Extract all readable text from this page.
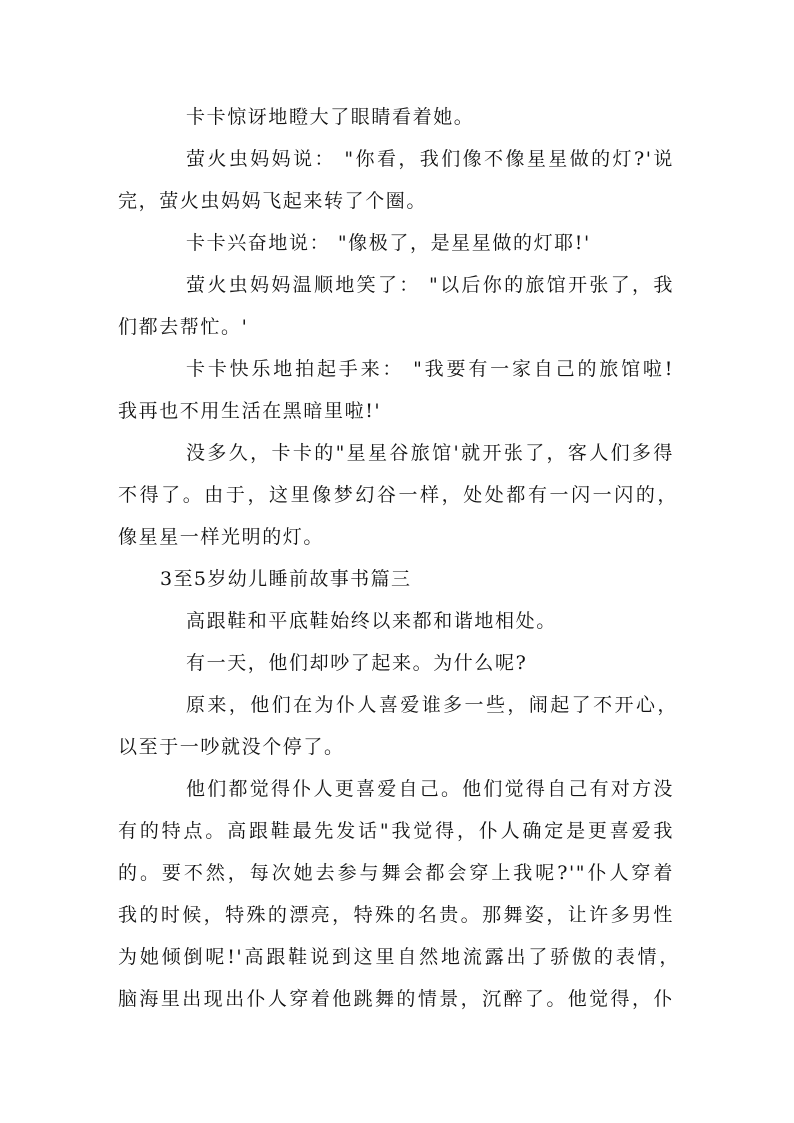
卡卡惊讶地瞪大了眼睛看着她。
萤火虫妈妈说： "你看，我们像不像星星做的灯?'说
完，萤火虫妈妈飞起来转了个圈。
卡卡兴奋地说： "像极了，是星星做的灯耶!'
萤火虫妈妈温顺地笑了： "以后你的旅馆开张了，我
们都去帮忙。'
卡卡快乐地拍起手来： "我要有一家自己的旅馆啦!
我再也不用生活在黑暗里啦!'
没多久，卡卡的"星星谷旅馆'就开张了，客人们多得
不得了。由于，这里像梦幻谷一样，处处都有一闪一闪的，
像星星一样光明的灯。
3至5岁幼儿睡前故事书篇三
高跟鞋和平底鞋始终以来都和谐地相处。
有一天，他们却吵了起来。为什么呢?
原来，他们在为仆人喜爱谁多一些，闹起了不开心，
以至于一吵就没个停了。
他们都觉得仆人更喜爱自己。他们觉得自己有对方没
有的特点。高跟鞋最先发话"我觉得，仆人确定是更喜爱我
的。要不然，每次她去参与舞会都会穿上我呢?'"仆人穿着
我的时候，特殊的漂亮，特殊的名贵。那舞姿，让许多男性
为她倾倒呢!'高跟鞋说到这里自然地流露出了骄傲的表情，
脑海里出现出仆人穿着他跳舞的情景，沉醉了。他觉得，仆
